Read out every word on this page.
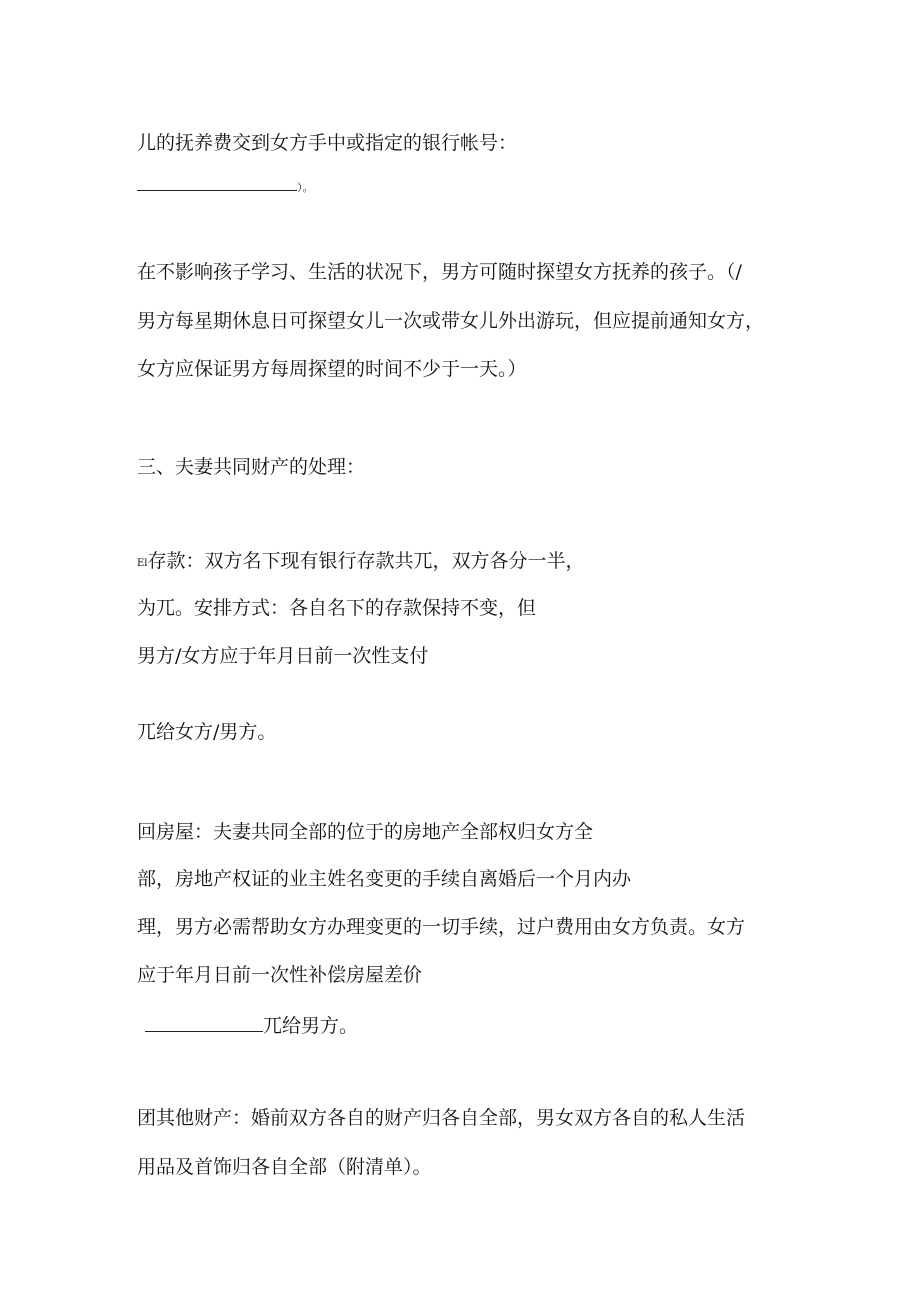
儿的抚养费交到女方手中或指定的银行帐号：

）。

在不影响孩子学习、生活的状况下，男方可随时探望女方抚养的孩子。（/

男方每星期休息日可探望女儿一次或带女儿外出游玩，但应提前通知女方，

女方应保证男方每周探望的时间不少于一天。）

三、夫妻共同财产的处理：

El存款：双方名下现有银行存款共兀，双方各分一半，

为兀。安排方式：各自名下的存款保持不变，但

男方/女方应于年月日前一次性支付

兀给女方/男方。

回房屋：夫妻共同全部的位于的房地产全部权归女方全

部，房地产权证的业主姓名变更的手续自离婚后一个月内办

理，男方必需帮助女方办理变更的一切手续，过户费用由女方负责。女方

应于年月日前一次性补偿房屋差价

兀给男方。

团其他财产：婚前双方各自的财产归各自全部，男女双方各自的私人生活

用品及首饰归各自全部（附清单）。
